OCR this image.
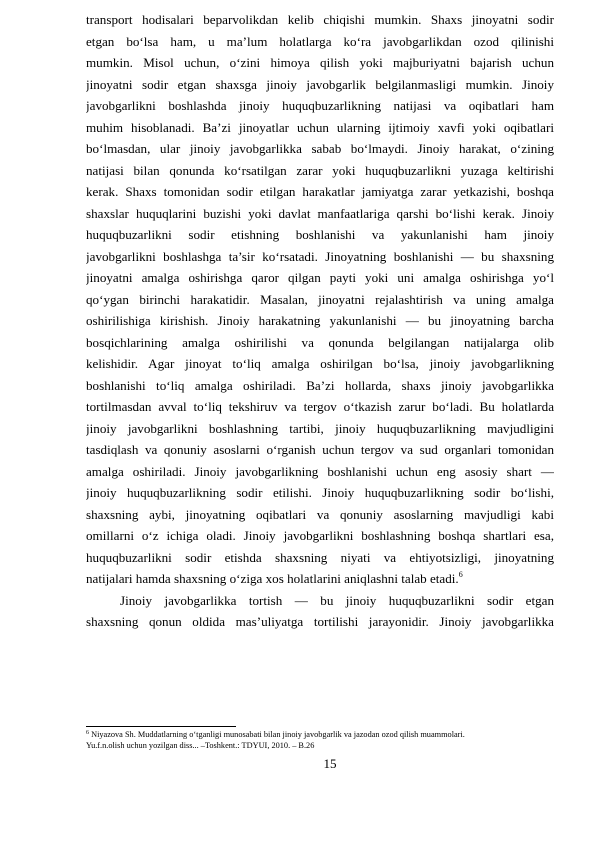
transport hodisalari beparvolikdan kelib chiqishi mumkin. Shaxs jinoyatni sodir
etgan bo‘lsa ham, u ma’lum holatlarga ko‘ra javobgarlikdan ozod qilinishi
mumkin. Misol uchun, o‘zini himoya qilish yoki majburiyatni bajarish uchun
jinoyatni sodir etgan shaxsga jinoiy javobgarlik belgilanmasligi mumkin. Jinoiy
javobgarlikni boshlashda jinoiy huquqbuzarlikning natijasi va oqibatlari ham
muhim hisoblanadi. Ba’zi jinoyatlar uchun ularning ijtimoiy xavfi yoki oqibatlari
bo‘lmasdan, ular jinoiy javobgarlikka sabab bo‘lmaydi. Jinoiy harakat, o‘zining
natijasi bilan qonunda ko‘rsatilgan zarar yoki huquqbuzarlikni yuzaga keltirishi
kerak. Shaxs tomonidan sodir etilgan harakatlar jamiyatga zarar yetkazishi, boshqa
shaxslar huquqlarini buzishi yoki davlat manfaatlariga qarshi bo‘lishi kerak. Jinoiy
huquqbuzarlikni sodir etishning boshlanishi va yakunlanishi ham jinoiy
javobgarlikni boshlashga ta’sir ko‘rsatadi. Jinoyatning boshlanishi — bu shaxsning
jinoyatni amalga oshirishga qaror qilgan payti yoki uni amalga oshirishga yo‘l
qo‘ygan birinchi harakatidir. Masalan, jinoyatni rejalashtirish va uning amalga
oshirilishiga kirishish. Jinoiy harakatning yakunlanishi — bu jinoyatning barcha
bosqichlarining amalga oshirilishi va qonunda belgilangan natijalarga olib
kelishidir. Agar jinoyat to‘liq amalga oshirilgan bo‘lsa, jinoiy javobgarlikning
boshlanishi to‘liq amalga oshiriladi. Ba’zi hollarda, shaxs jinoiy javobgarlikka
tortilmasdan avval to‘liq tekshiruv va tergov o‘tkazish zarur bo‘ladi. Bu holatlarda
jinoiy javobgarlikni boshlashning tartibi, jinoiy huquqbuzarlikning mavjudligini
tasdiqlash va qonuniy asoslarni o‘rganish uchun tergov va sud organlari tomonidan
amalga oshiriladi. Jinoiy javobgarlikning boshlanishi uchun eng asosiy shart —
jinoiy huquqbuzarlikning sodir etilishi. Jinoiy huquqbuzarlikning sodir bo‘lishi,
shaxsning aybi, jinoyatning oqibatlari va qonuniy asoslarning mavjudligi kabi
omillarni o‘z ichiga oladi. Jinoiy javobgarlikni boshlashning boshqa shartlari esa,
huquqbuzarlikni sodir etishda shaxsning niyati va ehtiyotsizligi, jinoyatning
natijalari hamda shaxsning o‘ziga xos holatlarini aniqlashni talab etadi.$^6$
Jinoiy javobgarlikka tortish — bu jinoiy huquqbuzarlikni sodir etgan
shaxsning qonun oldida mas’uliyatga tortilishi jarayonidir. Jinoiy javobgarlikka
$^6$ Niyazova Sh. Muddatlarning o‘tganligi munosabati bilan jinoiy javobgarlik va jazodan ozod qilish muammolari.
Yu.f.n.olish uchun yozilgan diss... –Toshkent.: TDYUI, 2010. – B.26
15
